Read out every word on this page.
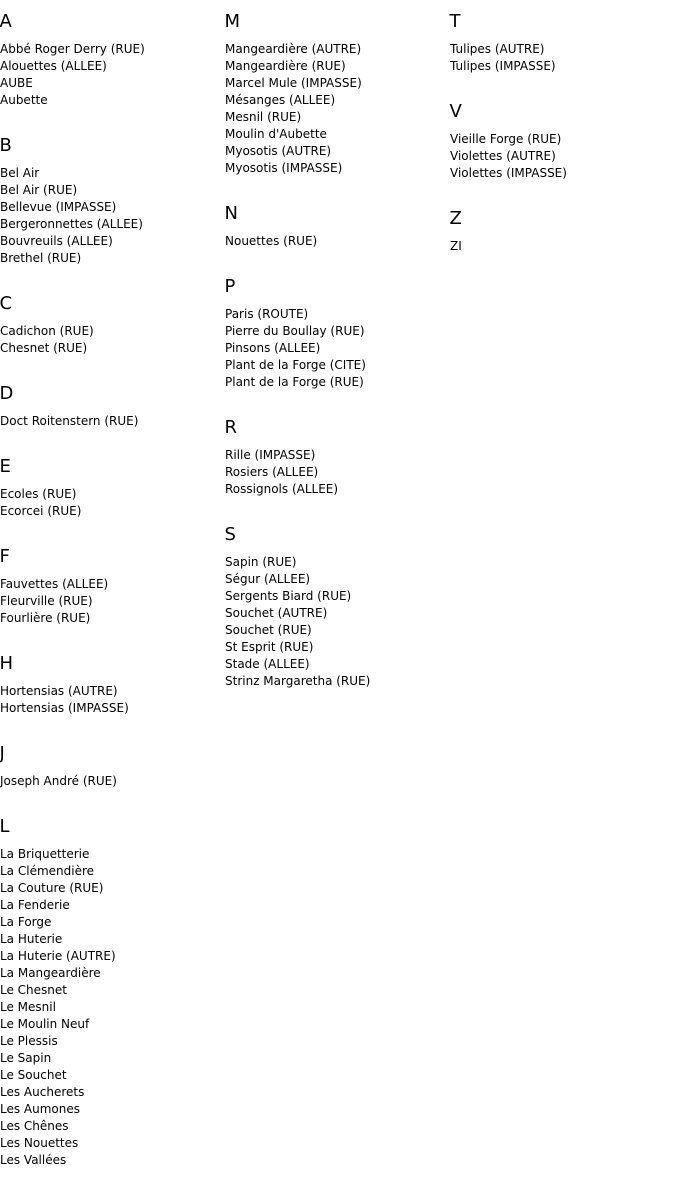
A
Abbé Roger Derry (RUE)
Alouettes (ALLEE)
AUBE
Aubette
B
Bel Air
Bel Air (RUE)
Bellevue (IMPASSE)
Bergeronnettes (ALLEE)
Bouvreuils (ALLEE)
Brethel (RUE)
C
Cadichon (RUE)
Chesnet (RUE)
D
Doct Roitenstern (RUE)
E
Ecoles (RUE)
Ecorcei (RUE)
F
Fauvettes (ALLEE)
Fleurville (RUE)
Fourlière (RUE)
H
Hortensias (AUTRE)
Hortensias (IMPASSE)
J
Joseph André (RUE)
L
La Briquetterie
La Clémendière
La Couture (RUE)
La Fenderie
La Forge
La Huterie
La Huterie (AUTRE)
La Mangeardière
Le Chesnet
Le Mesnil
Le Moulin Neuf
Le Plessis
Le Sapin
Le Souchet
Les Aucherets
Les Aumones
Les Chênes
Les Nouettes
Les Vallées
M
Mangeardière (AUTRE)
Mangeardière (RUE)
Marcel Mule (IMPASSE)
Mésanges (ALLEE)
Mesnil (RUE)
Moulin d'Aubette
Myosotis (AUTRE)
Myosotis (IMPASSE)
N
Nouettes (RUE)
P
Paris (ROUTE)
Pierre du Boullay (RUE)
Pinsons (ALLEE)
Plant de la Forge (CITE)
Plant de la Forge (RUE)
R
Rille (IMPASSE)
Rosiers (ALLEE)
Rossignols (ALLEE)
S
Sapin (RUE)
Ségur (ALLEE)
Sergents Biard (RUE)
Souchet (AUTRE)
Souchet (RUE)
St Esprit (RUE)
Stade (ALLEE)
Strinz Margaretha (RUE)
T
Tulipes (AUTRE)
Tulipes (IMPASSE)
V
Vieille Forge (RUE)
Violettes (AUTRE)
Violettes (IMPASSE)
Z
ZI
